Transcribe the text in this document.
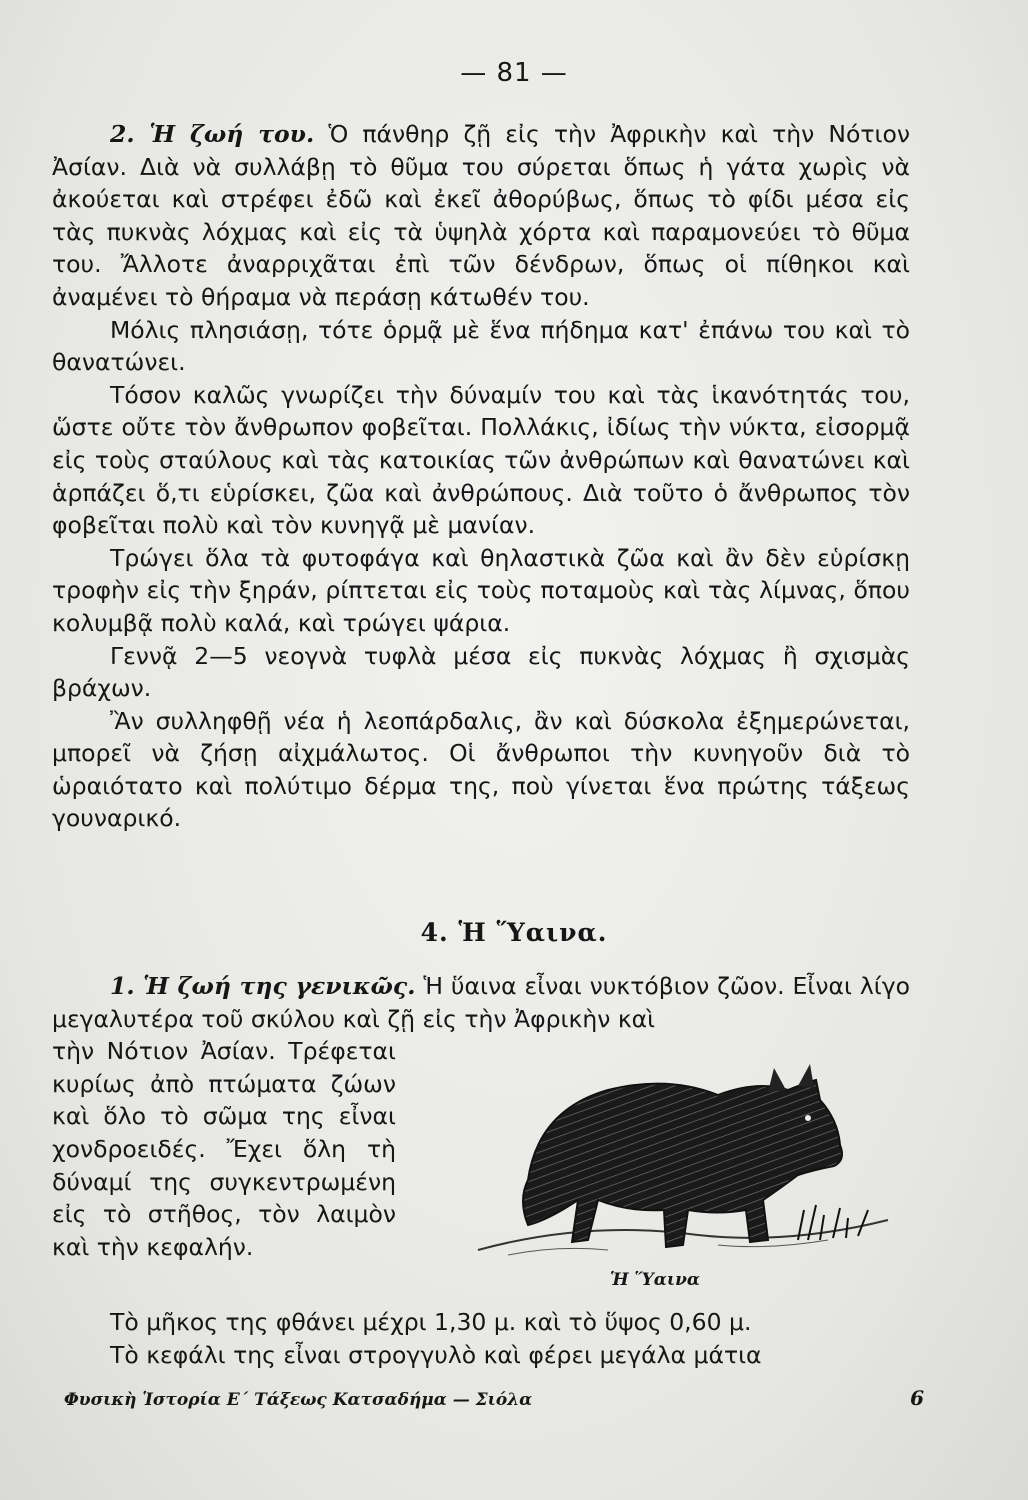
— 81 —

2. Ἡ ζωή του. Ὁ πάνθηρ ζῇ εἰς τὴν Ἀφρικὴν καὶ τὴν Νότιον Ἀσίαν. Διὰ νὰ συλλάβῃ τὸ θῦμα του σύρεται ὅπως ἡ γάτα χωρὶς νὰ ἀκούεται καὶ στρέφει ἐδῶ καὶ ἐκεῖ ἀθορύβως, ὅπως τὸ φίδι μέσα εἰς τὰς πυκνὰς λόχμας καὶ εἰς τὰ ὑψηλὰ χόρτα καὶ παραμονεύει τὸ θῦμα του. Ἄλλοτε ἀναρριχᾶται ἐπὶ τῶν δένδρων, ὅπως οἱ πίθηκοι καὶ ἀναμένει τὸ θήραμα νὰ περάσῃ κάτωθέν του.

Μόλις πλησιάσῃ, τότε ὁρμᾷ μὲ ἕνα πήδημα κατ' ἐπάνω του καὶ τὸ θανατώνει.

Τόσον καλῶς γνωρίζει τὴν δύναμίν του καὶ τὰς ἱκανότητάς του, ὥστε οὔτε τὸν ἄνθρωπον φοβεῖται. Πολλάκις, ἰδίως τὴν νύκτα, εἰσορμᾷ εἰς τοὺς σταύλους καὶ τὰς κατοικίας τῶν ἀνθρώπων καὶ θανατώνει καὶ ἁρπάζει ὅ,τι εὑρίσκει, ζῶα καὶ ἀνθρώπους. Διὰ τοῦτο ὁ ἄνθρωπος τὸν φοβεῖται πολὺ καὶ τὸν κυνηγᾷ μὲ μανίαν.

Τρώγει ὅλα τὰ φυτοφάγα καὶ θηλαστικὰ ζῶα καὶ ἂν δὲν εὑρίσκῃ τροφὴν εἰς τὴν ξηράν, ρίπτεται εἰς τοὺς ποταμοὺς καὶ τὰς λίμνας, ὅπου κολυμβᾷ πολὺ καλά, καὶ τρώγει ψάρια.

Γεννᾷ 2—5 νεογνὰ τυφλὰ μέσα εἰς πυκνὰς λόχμας ἢ σχισμὰς βράχων.

Ἂν συλληφθῇ νέα ἡ λεοπάρδαλις, ἂν καὶ δύσκολα ἐξημερώνεται, μπορεῖ νὰ ζήσῃ αἰχμάλωτος. Οἱ ἄνθρωποι τὴν κυνηγοῦν διὰ τὸ ὡραιότατο καὶ πολύτιμο δέρμα της, ποὺ γίνεται ἕνα πρώτης τάξεως γουναρικό.

4. Ἡ Ὕαινα.

1. Ἡ ζωή της γενικῶς. Ἡ ὕαινα εἶναι νυκτόβιον ζῶον. Εἶναι λίγο μεγαλυτέρα τοῦ σκύλου καὶ ζῇ εἰς τὴν Ἀφρικὴν καὶ

τὴν Νότιον Ἀσίαν. Τρέφεται κυρίως ἀπὸ πτώματα ζώων καὶ ὅλο τὸ σῶμα της εἶναι χονδροειδές. Ἔχει ὅλη τὴ δύναμί της συγκεντρωμένη εἰς τὸ στῆθος, τὸν λαιμὸν καὶ τὴν κεφαλήν.

Ἡ Ὕαινα

Τὸ μῆκος της φθάνει μέχρι 1,30 μ. καὶ τὸ ὕψος 0,60 μ.

Τὸ κεφάλι της εἶναι στρογγυλὸ καὶ φέρει μεγάλα μάτια

Φυσικὴ Ἱστορία Ε΄ Τάξεως Κατσαδήμα — Σιόλα	6
